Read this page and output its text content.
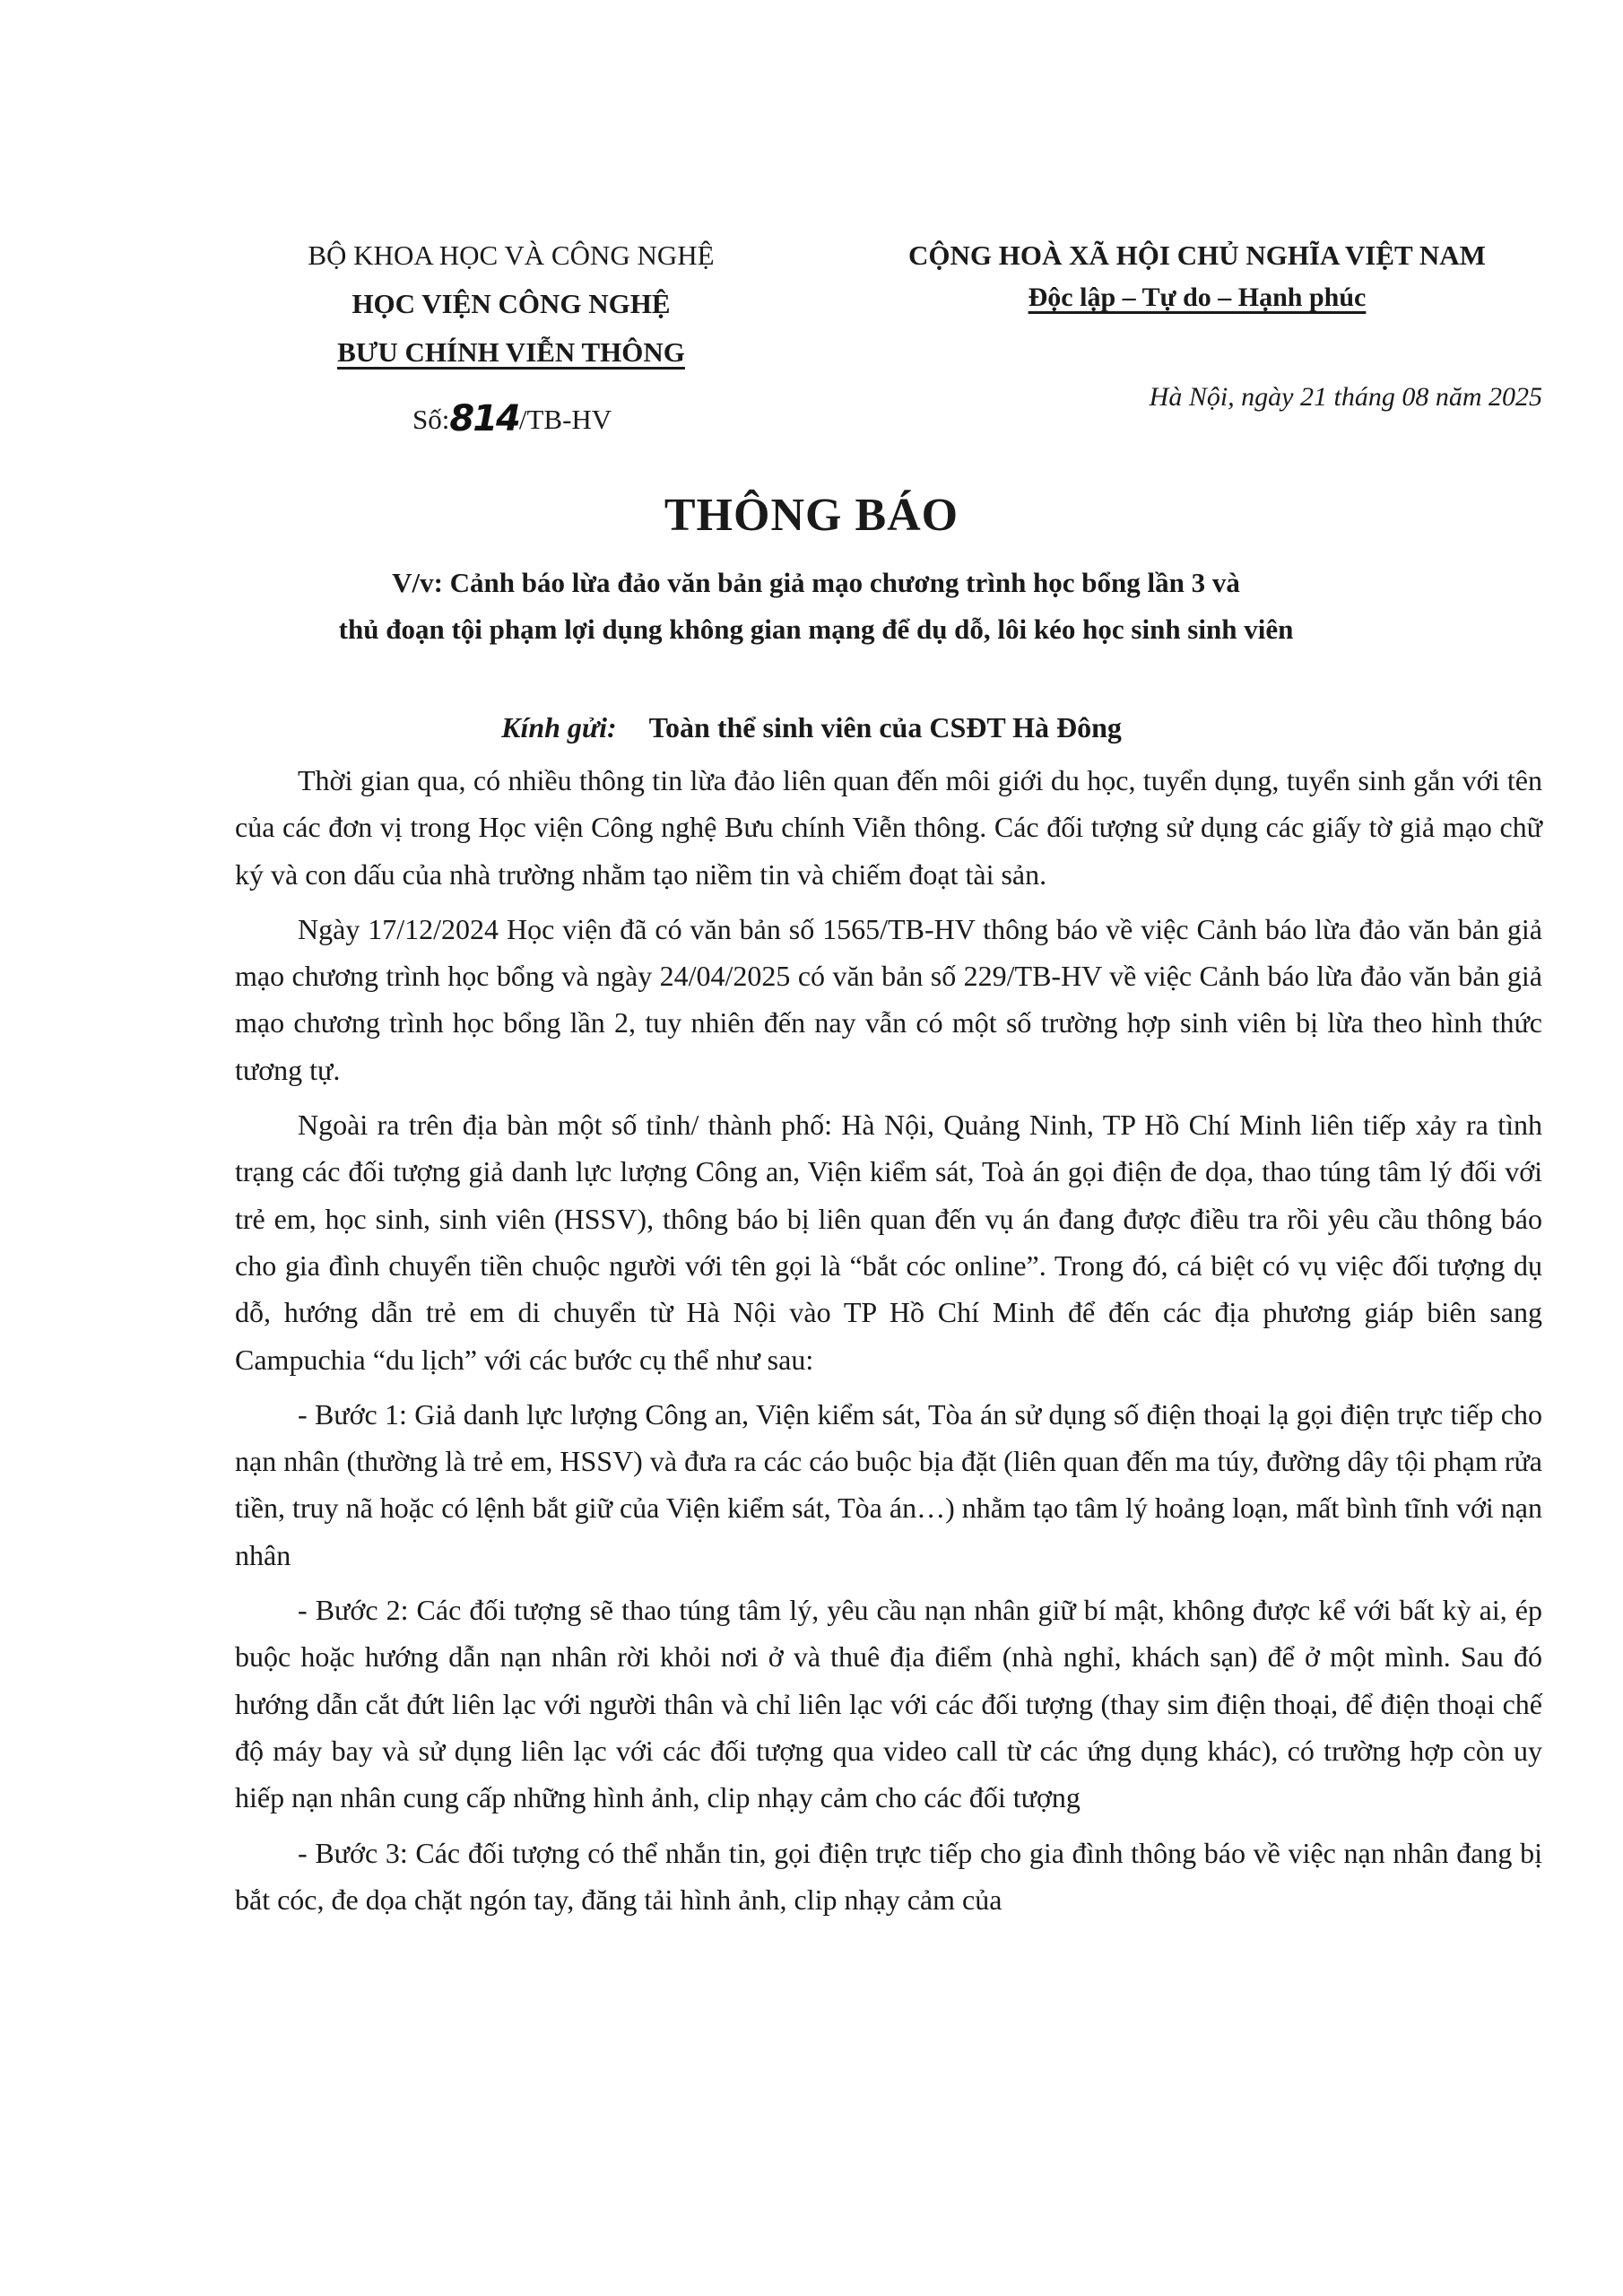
BỘ KHOA HỌC VÀ CÔNG NGHỆ
HỌC VIỆN CÔNG NGHỆ
BƯU CHÍNH VIỄN THÔNG
Số:814/TB-HV
CỘNG HOÀ XÃ HỘI CHỦ NGHĨA VIỆT NAM
Độc lập – Tự do – Hạnh phúc
Hà Nội, ngày 21 tháng 08 năm 2025
THÔNG BÁO
V/v: Cảnh báo lừa đảo văn bản giả mạo chương trình học bổng lần 3 và
thủ đoạn tội phạm lợi dụng không gian mạng để dụ dỗ, lôi kéo học sinh sinh viên
Kính gửi: Toàn thể sinh viên của CSĐT Hà Đông

Thời gian qua, có nhiều thông tin lừa đảo liên quan đến môi giới du học, tuyển dụng, tuyển sinh gắn với tên của các đơn vị trong Học viện Công nghệ Bưu chính Viễn thông. Các đối tượng sử dụng các giấy tờ giả mạo chữ ký và con dấu của nhà trường nhằm tạo niềm tin và chiếm đoạt tài sản.

Ngày 17/12/2024 Học viện đã có văn bản số 1565/TB-HV thông báo về việc Cảnh báo lừa đảo văn bản giả mạo chương trình học bổng và ngày 24/04/2025 có văn bản số 229/TB-HV về việc Cảnh báo lừa đảo văn bản giả mạo chương trình học bổng lần 2, tuy nhiên đến nay vẫn có một số trường hợp sinh viên bị lừa theo hình thức tương tự.

Ngoài ra trên địa bàn một số tỉnh/ thành phố: Hà Nội, Quảng Ninh, TP Hồ Chí Minh liên tiếp xảy ra tình trạng các đối tượng giả danh lực lượng Công an, Viện kiểm sát, Toà án gọi điện đe dọa, thao túng tâm lý đối với trẻ em, học sinh, sinh viên (HSSV), thông báo bị liên quan đến vụ án đang được điều tra rồi yêu cầu thông báo cho gia đình chuyển tiền chuộc người với tên gọi là “bắt cóc online”. Trong đó, cá biệt có vụ việc đối tượng dụ dỗ, hướng dẫn trẻ em di chuyển từ Hà Nội vào TP Hồ Chí Minh để đến các địa phương giáp biên sang Campuchia “du lịch” với các bước cụ thể như sau:

- Bước 1: Giả danh lực lượng Công an, Viện kiểm sát, Tòa án sử dụng số điện thoại lạ gọi điện trực tiếp cho nạn nhân (thường là trẻ em, HSSV) và đưa ra các cáo buộc bịa đặt (liên quan đến ma túy, đường dây tội phạm rửa tiền, truy nã hoặc có lệnh bắt giữ của Viện kiểm sát, Tòa án…) nhằm tạo tâm lý hoảng loạn, mất bình tĩnh với nạn nhân

- Bước 2: Các đối tượng sẽ thao túng tâm lý, yêu cầu nạn nhân giữ bí mật, không được kể với bất kỳ ai, ép buộc hoặc hướng dẫn nạn nhân rời khỏi nơi ở và thuê địa điểm (nhà nghỉ, khách sạn) để ở một mình. Sau đó hướng dẫn cắt đứt liên lạc với người thân và chỉ liên lạc với các đối tượng (thay sim điện thoại, để điện thoại chế độ máy bay và sử dụng liên lạc với các đối tượng qua video call từ các ứng dụng khác), có trường hợp còn uy hiếp nạn nhân cung cấp những hình ảnh, clip nhạy cảm cho các đối tượng

- Bước 3: Các đối tượng có thể nhắn tin, gọi điện trực tiếp cho gia đình thông báo về việc nạn nhân đang bị bắt cóc, đe dọa chặt ngón tay, đăng tải hình ảnh, clip nhạy cảm của
